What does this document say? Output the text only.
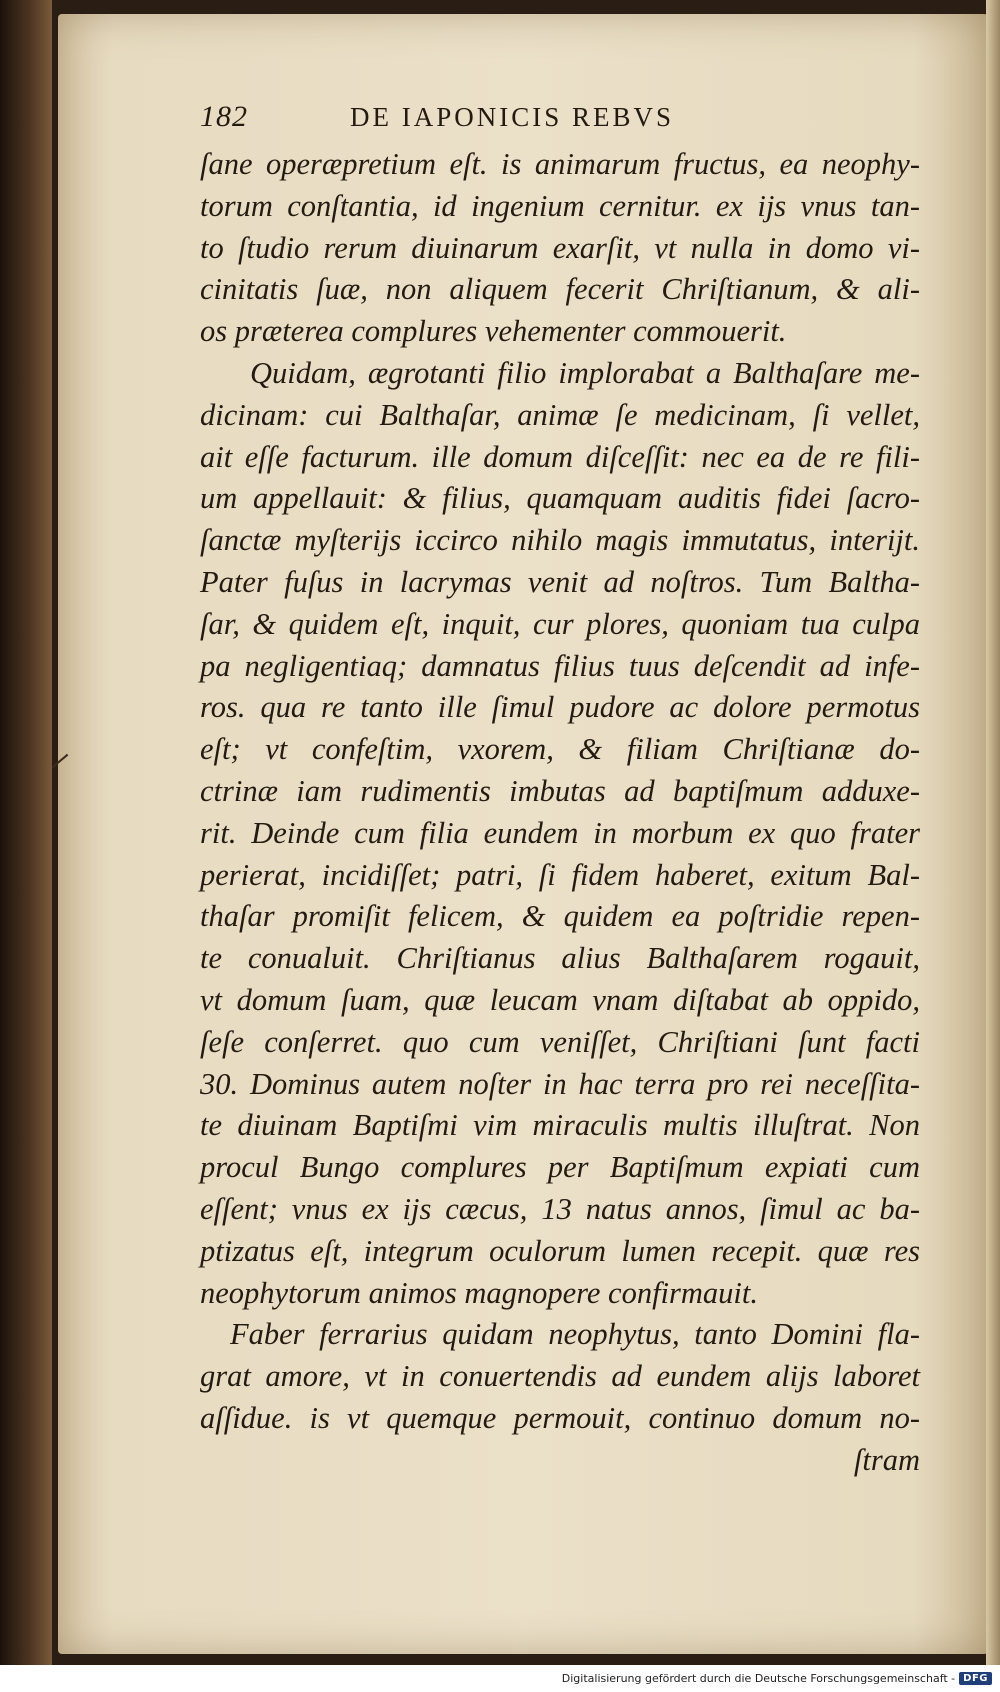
182	DE IAPONICIS REBVS
ſane operæpretium eſt. is animarum fructus, ea neophy-
torum conſtantia, id ingenium cernitur. ex ijs vnus tan-
to ſtudio rerum diuinarum exarſit, vt nulla in domo vi-
cinitatis ſuæ, non aliquem fecerit Chriſtianum, & ali-
os præterea complures vehementer commouerit.
Quidam, ægrotanti filio implorabat a Balthaſare me-
dicinam: cui Balthaſar, animæ ſe medicinam, ſi vellet,
ait eſſe facturum. ille domum diſceſſit: nec ea de re fili-
um appellauit: & filius, quamquam auditis fidei ſacro-
ſanctæ myſterijs iccirco nihilo magis immutatus, interijt.
Pater fuſus in lacrymas venit ad noſtros. Tum Baltha-
ſar, & quidem eſt, inquit, cur plores, quoniam tua culpa
pa negligentiaq; damnatus filius tuus deſcendit ad infe-
ros. qua re tanto ille ſimul pudore ac dolore permotus
eſt; vt confeſtim, vxorem, & filiam Chriſtianæ do-
ctrinæ iam rudimentis imbutas ad baptiſmum adduxe-
rit. Deinde cum filia eundem in morbum ex quo frater
perierat, incidiſſet; patri, ſi fidem haberet, exitum Bal-
thaſar promiſit felicem, & quidem ea poſtridie repen-
te conualuit. Chriſtianus alius Balthaſarem rogauit,
vt domum ſuam, quæ leucam vnam diſtabat ab oppido,
ſeſe conſerret. quo cum veniſſet, Chriſtiani ſunt facti
30. Dominus autem noſter in hac terra pro rei neceſſita-
te diuinam Baptiſmi vim miraculis multis illuſtrat. Non
procul Bungo complures per Baptiſmum expiati cum
eſſent; vnus ex ijs cæcus, 13 natus annos, ſimul ac ba-
ptizatus eſt, integrum oculorum lumen recepit. quæ res
neophytorum animos magnopere confirmauit.
Faber ferrarius quidam neophytus, tanto Domini fla-
grat amore, vt in conuertendis ad eundem alijs laboret
aſſidue. is vt quemque permouit, continuo domum no-
ſtram
Digitalisierung gefördert durch die Deutsche Forschungsgemeinschaft - DFG
